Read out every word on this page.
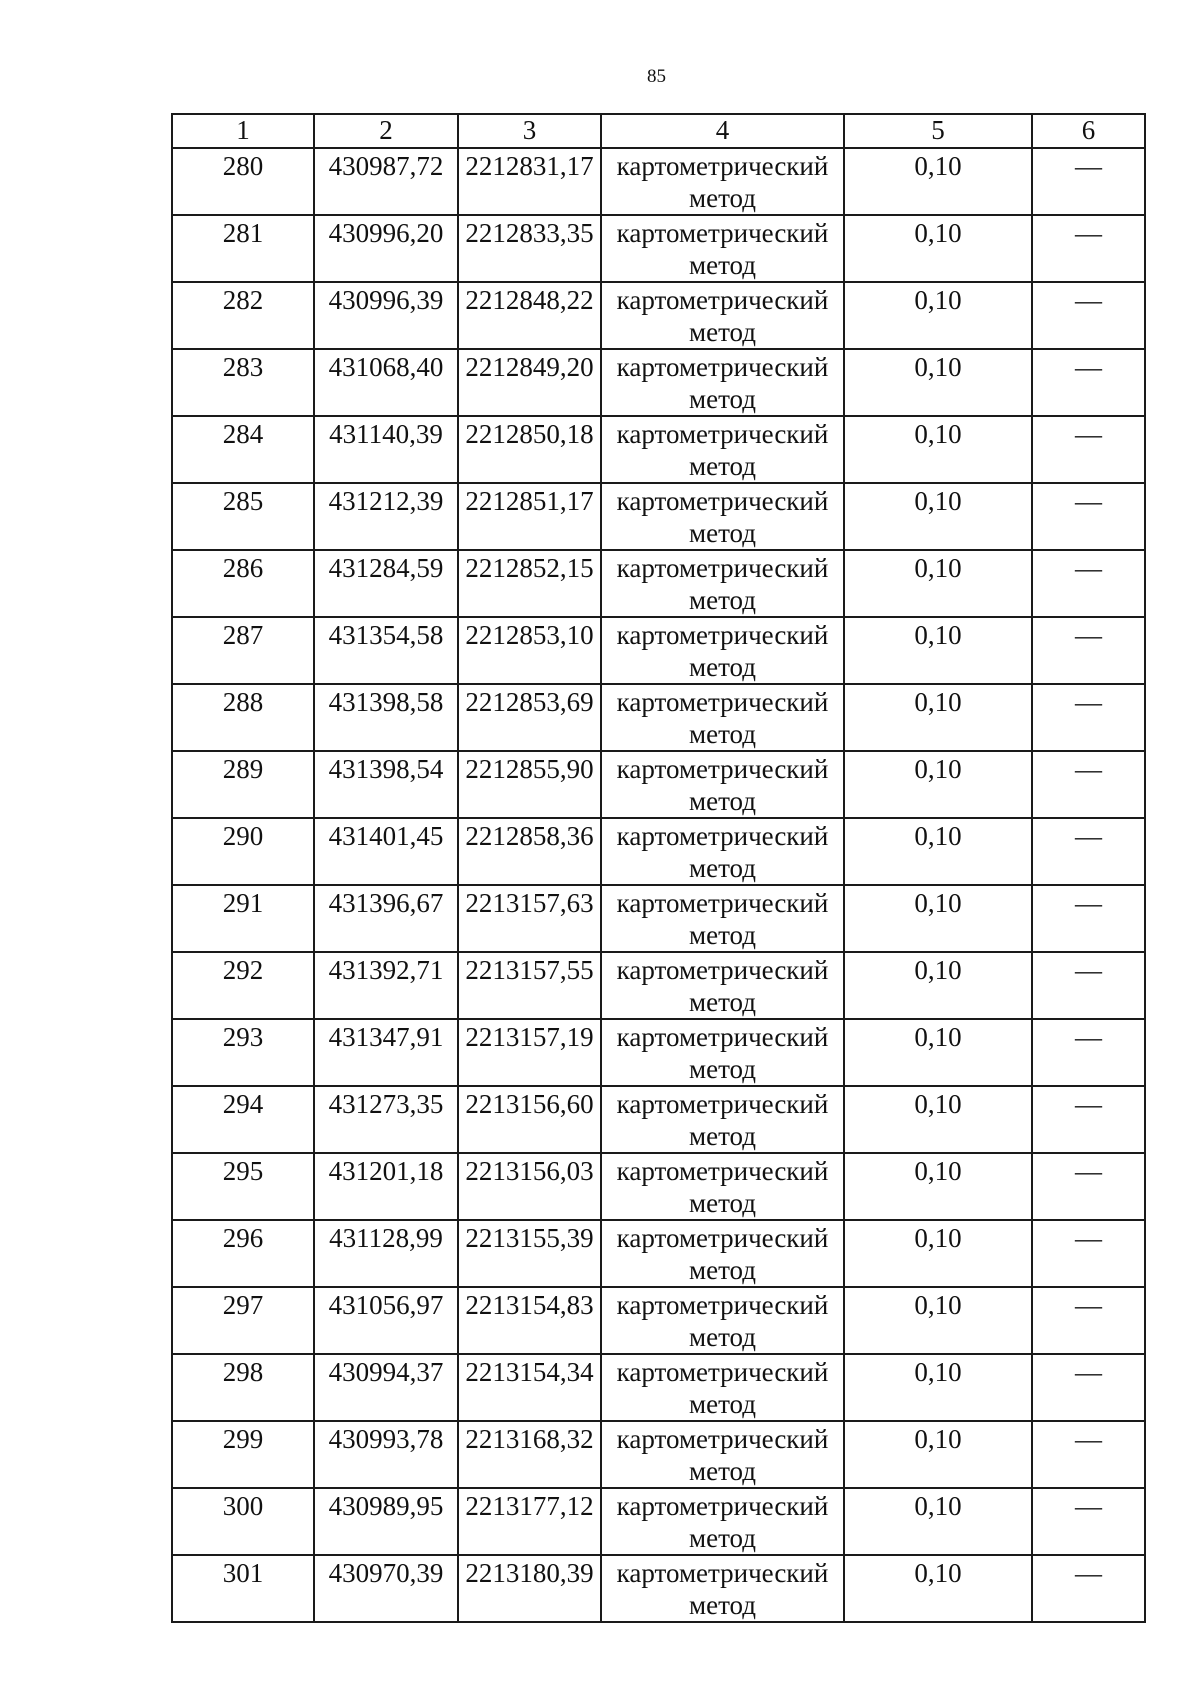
85
1	2	3	4	5	6
280	430987,72	2212831,17	картометрический метод	0,10	—
281	430996,20	2212833,35	картометрический метод	0,10	—
282	430996,39	2212848,22	картометрический метод	0,10	—
283	431068,40	2212849,20	картометрический метод	0,10	—
284	431140,39	2212850,18	картометрический метод	0,10	—
285	431212,39	2212851,17	картометрический метод	0,10	—
286	431284,59	2212852,15	картометрический метод	0,10	—
287	431354,58	2212853,10	картометрический метод	0,10	—
288	431398,58	2212853,69	картометрический метод	0,10	—
289	431398,54	2212855,90	картометрический метод	0,10	—
290	431401,45	2212858,36	картометрический метод	0,10	—
291	431396,67	2213157,63	картометрический метод	0,10	—
292	431392,71	2213157,55	картометрический метод	0,10	—
293	431347,91	2213157,19	картометрический метод	0,10	—
294	431273,35	2213156,60	картометрический метод	0,10	—
295	431201,18	2213156,03	картометрический метод	0,10	—
296	431128,99	2213155,39	картометрический метод	0,10	—
297	431056,97	2213154,83	картометрический метод	0,10	—
298	430994,37	2213154,34	картометрический метод	0,10	—
299	430993,78	2213168,32	картометрический метод	0,10	—
300	430989,95	2213177,12	картометрический метод	0,10	—
301	430970,39	2213180,39	картометрический метод	0,10	—
